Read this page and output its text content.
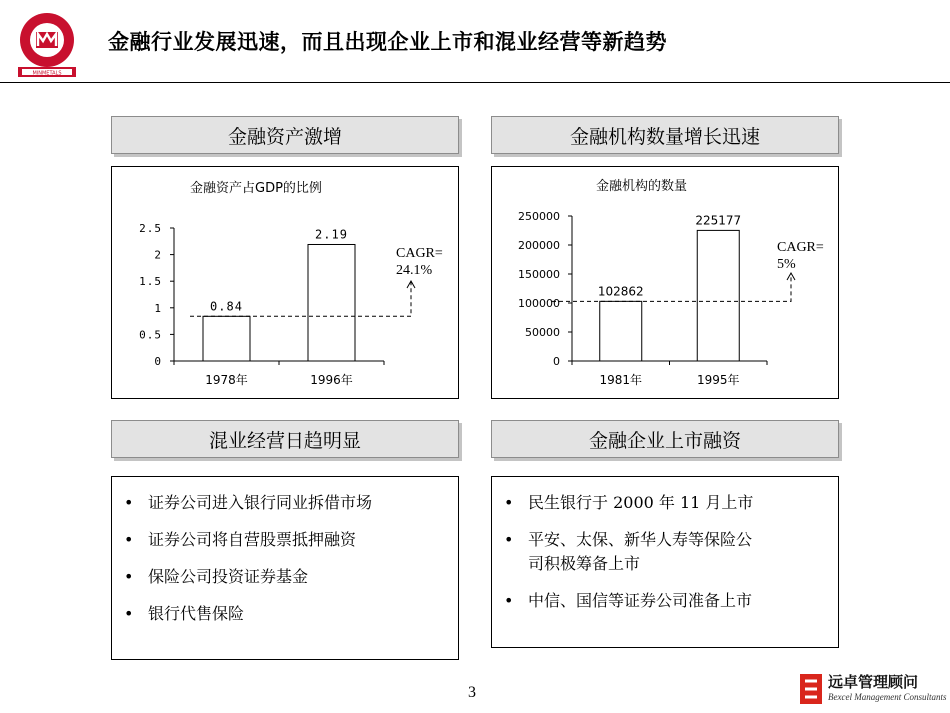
MINMETALS
金融行业发展迅速，而且出现企业上市和混业经营等新趋势
金融资产激增	金融机构数量增长迅速
混业经营日趋明显	金融企业上市融资
金融资产占GDP的比例
0
0.5
1
1.5
2
2.5
0.84
1978年
2.19
1996年
CAGR=
24.1%
金融机构的数量
0
50000
100000
150000
200000
250000
102862
1981年
225177
1995年
CAGR=
5%
• 证券公司进入银行同业拆借市场
• 证券公司将自营股票抵押融资
• 保险公司投资证券基金
• 银行代售保险
• 民生银行于 2000 年 11 月上市
• 平安、太保、新华人寿等保险公
司积极筹备上市
• 中信、国信等证券公司准备上市
3
远卓管理顾问
Bexcel Management Consultants
